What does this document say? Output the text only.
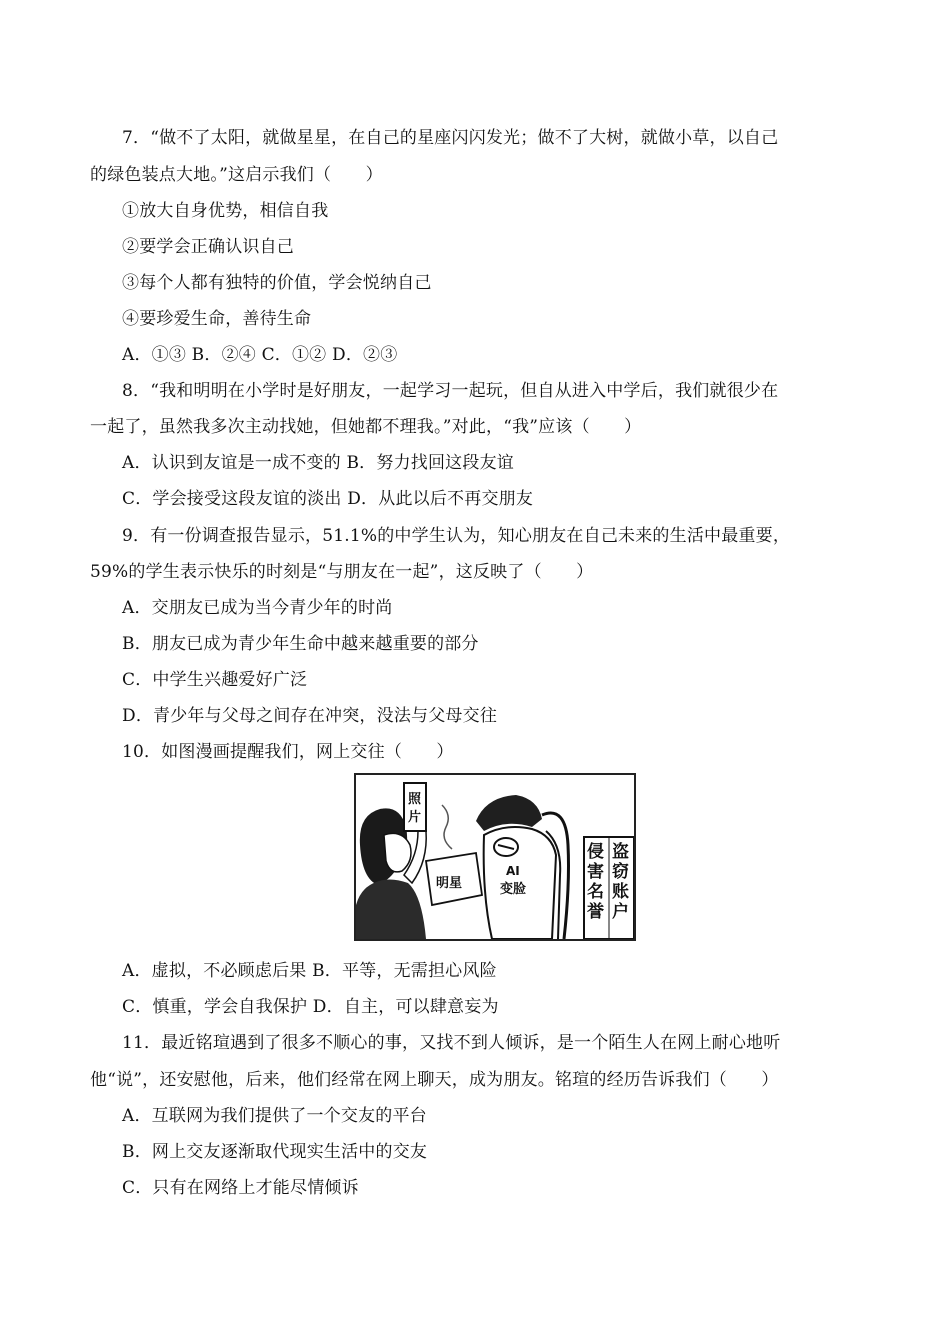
7．“做不了太阳，就做星星，在自己的星座闪闪发光；做不了大树，就做小草，以自己
的绿色装点大地。”这启示我们（　　）
①放大自身优势，相信自我
②要学会正确认识自己
③每个人都有独特的价值，学会悦纳自己
④要珍爱生命，善待生命
A．①③ B．②④ C．①② D．②③
8．“我和明明在小学时是好朋友，一起学习一起玩，但自从进入中学后，我们就很少在
一起了，虽然我多次主动找她，但她都不理我。”对此，“我”应该（　　）
A．认识到友谊是一成不变的 B．努力找回这段友谊
C．学会接受这段友谊的淡出 D．从此以后不再交朋友
9．有一份调查报告显示，51.1%的中学生认为，知心朋友在自己未来的生活中最重要，
59%的学生表示快乐的时刻是“与朋友在一起”，这反映了（　　）
A．交朋友已成为当今青少年的时尚
B．朋友已成为青少年生命中越来越重要的部分
C．中学生兴趣爱好广泛
D．青少年与父母之间存在冲突，没法与父母交往
10．如图漫画提醒我们，网上交往（　　）
照
片
明星
AI
变脸
盗
窃
账
户
侵
害
名
誉
A．虚拟，不必顾虑后果 B．平等，无需担心风险
C．慎重，学会自我保护 D．自主，可以肆意妄为
11．最近铭瑄遇到了很多不顺心的事，又找不到人倾诉，是一个陌生人在网上耐心地听
他“说”，还安慰他，后来，他们经常在网上聊天，成为朋友。铭瑄的经历告诉我们（　　）
A．互联网为我们提供了一个交友的平台
B．网上交友逐渐取代现实生活中的交友
C．只有在网络上才能尽情倾诉
